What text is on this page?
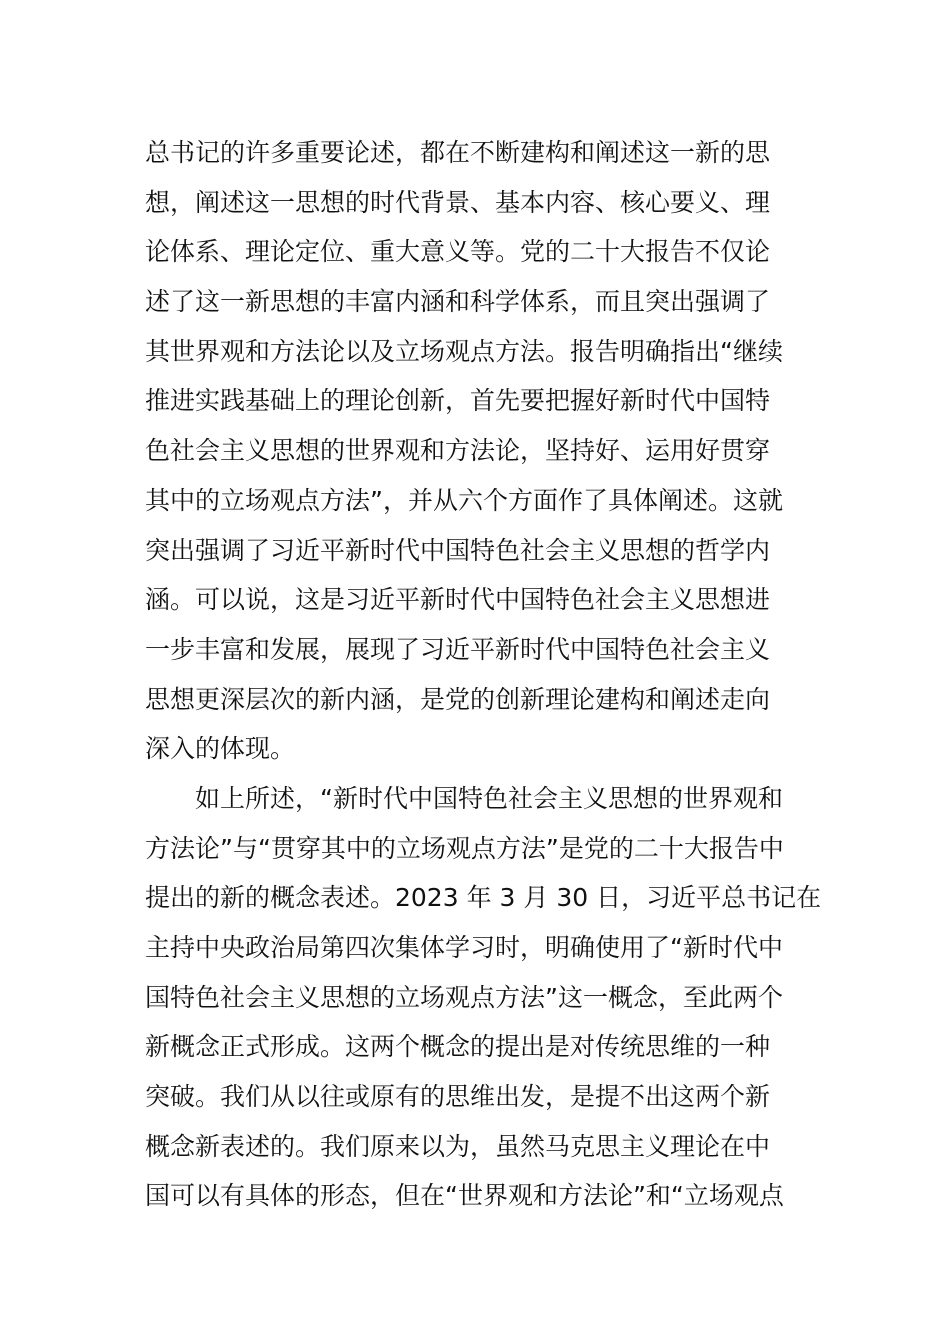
总书记的许多重要论述，都在不断建构和阐述这一新的思
想，阐述这一思想的时代背景、基本内容、核心要义、理
论体系、理论定位、重大意义等。党的二十大报告不仅论
述了这一新思想的丰富内涵和科学体系，而且突出强调了
其世界观和方法论以及立场观点方法。报告明确指出“继续
推进实践基础上的理论创新，首先要把握好新时代中国特
色社会主义思想的世界观和方法论，坚持好、运用好贯穿
其中的立场观点方法”，并从六个方面作了具体阐述。这就
突出强调了习近平新时代中国特色社会主义思想的哲学内
涵。可以说，这是习近平新时代中国特色社会主义思想进
一步丰富和发展，展现了习近平新时代中国特色社会主义
思想更深层次的新内涵，是党的创新理论建构和阐述走向
深入的体现。
如上所述，“新时代中国特色社会主义思想的世界观和
方法论”与“贯穿其中的立场观点方法”是党的二十大报告中
提出的新的概念表述。2023 年 3 月 30 日，习近平总书记在
主持中央政治局第四次集体学习时，明确使用了“新时代中
国特色社会主义思想的立场观点方法”这一概念，至此两个
新概念正式形成。这两个概念的提出是对传统思维的一种
突破。我们从以往或原有的思维出发，是提不出这两个新
概念新表述的。我们原来以为，虽然马克思主义理论在中
国可以有具体的形态，但在“世界观和方法论”和“立场观点
